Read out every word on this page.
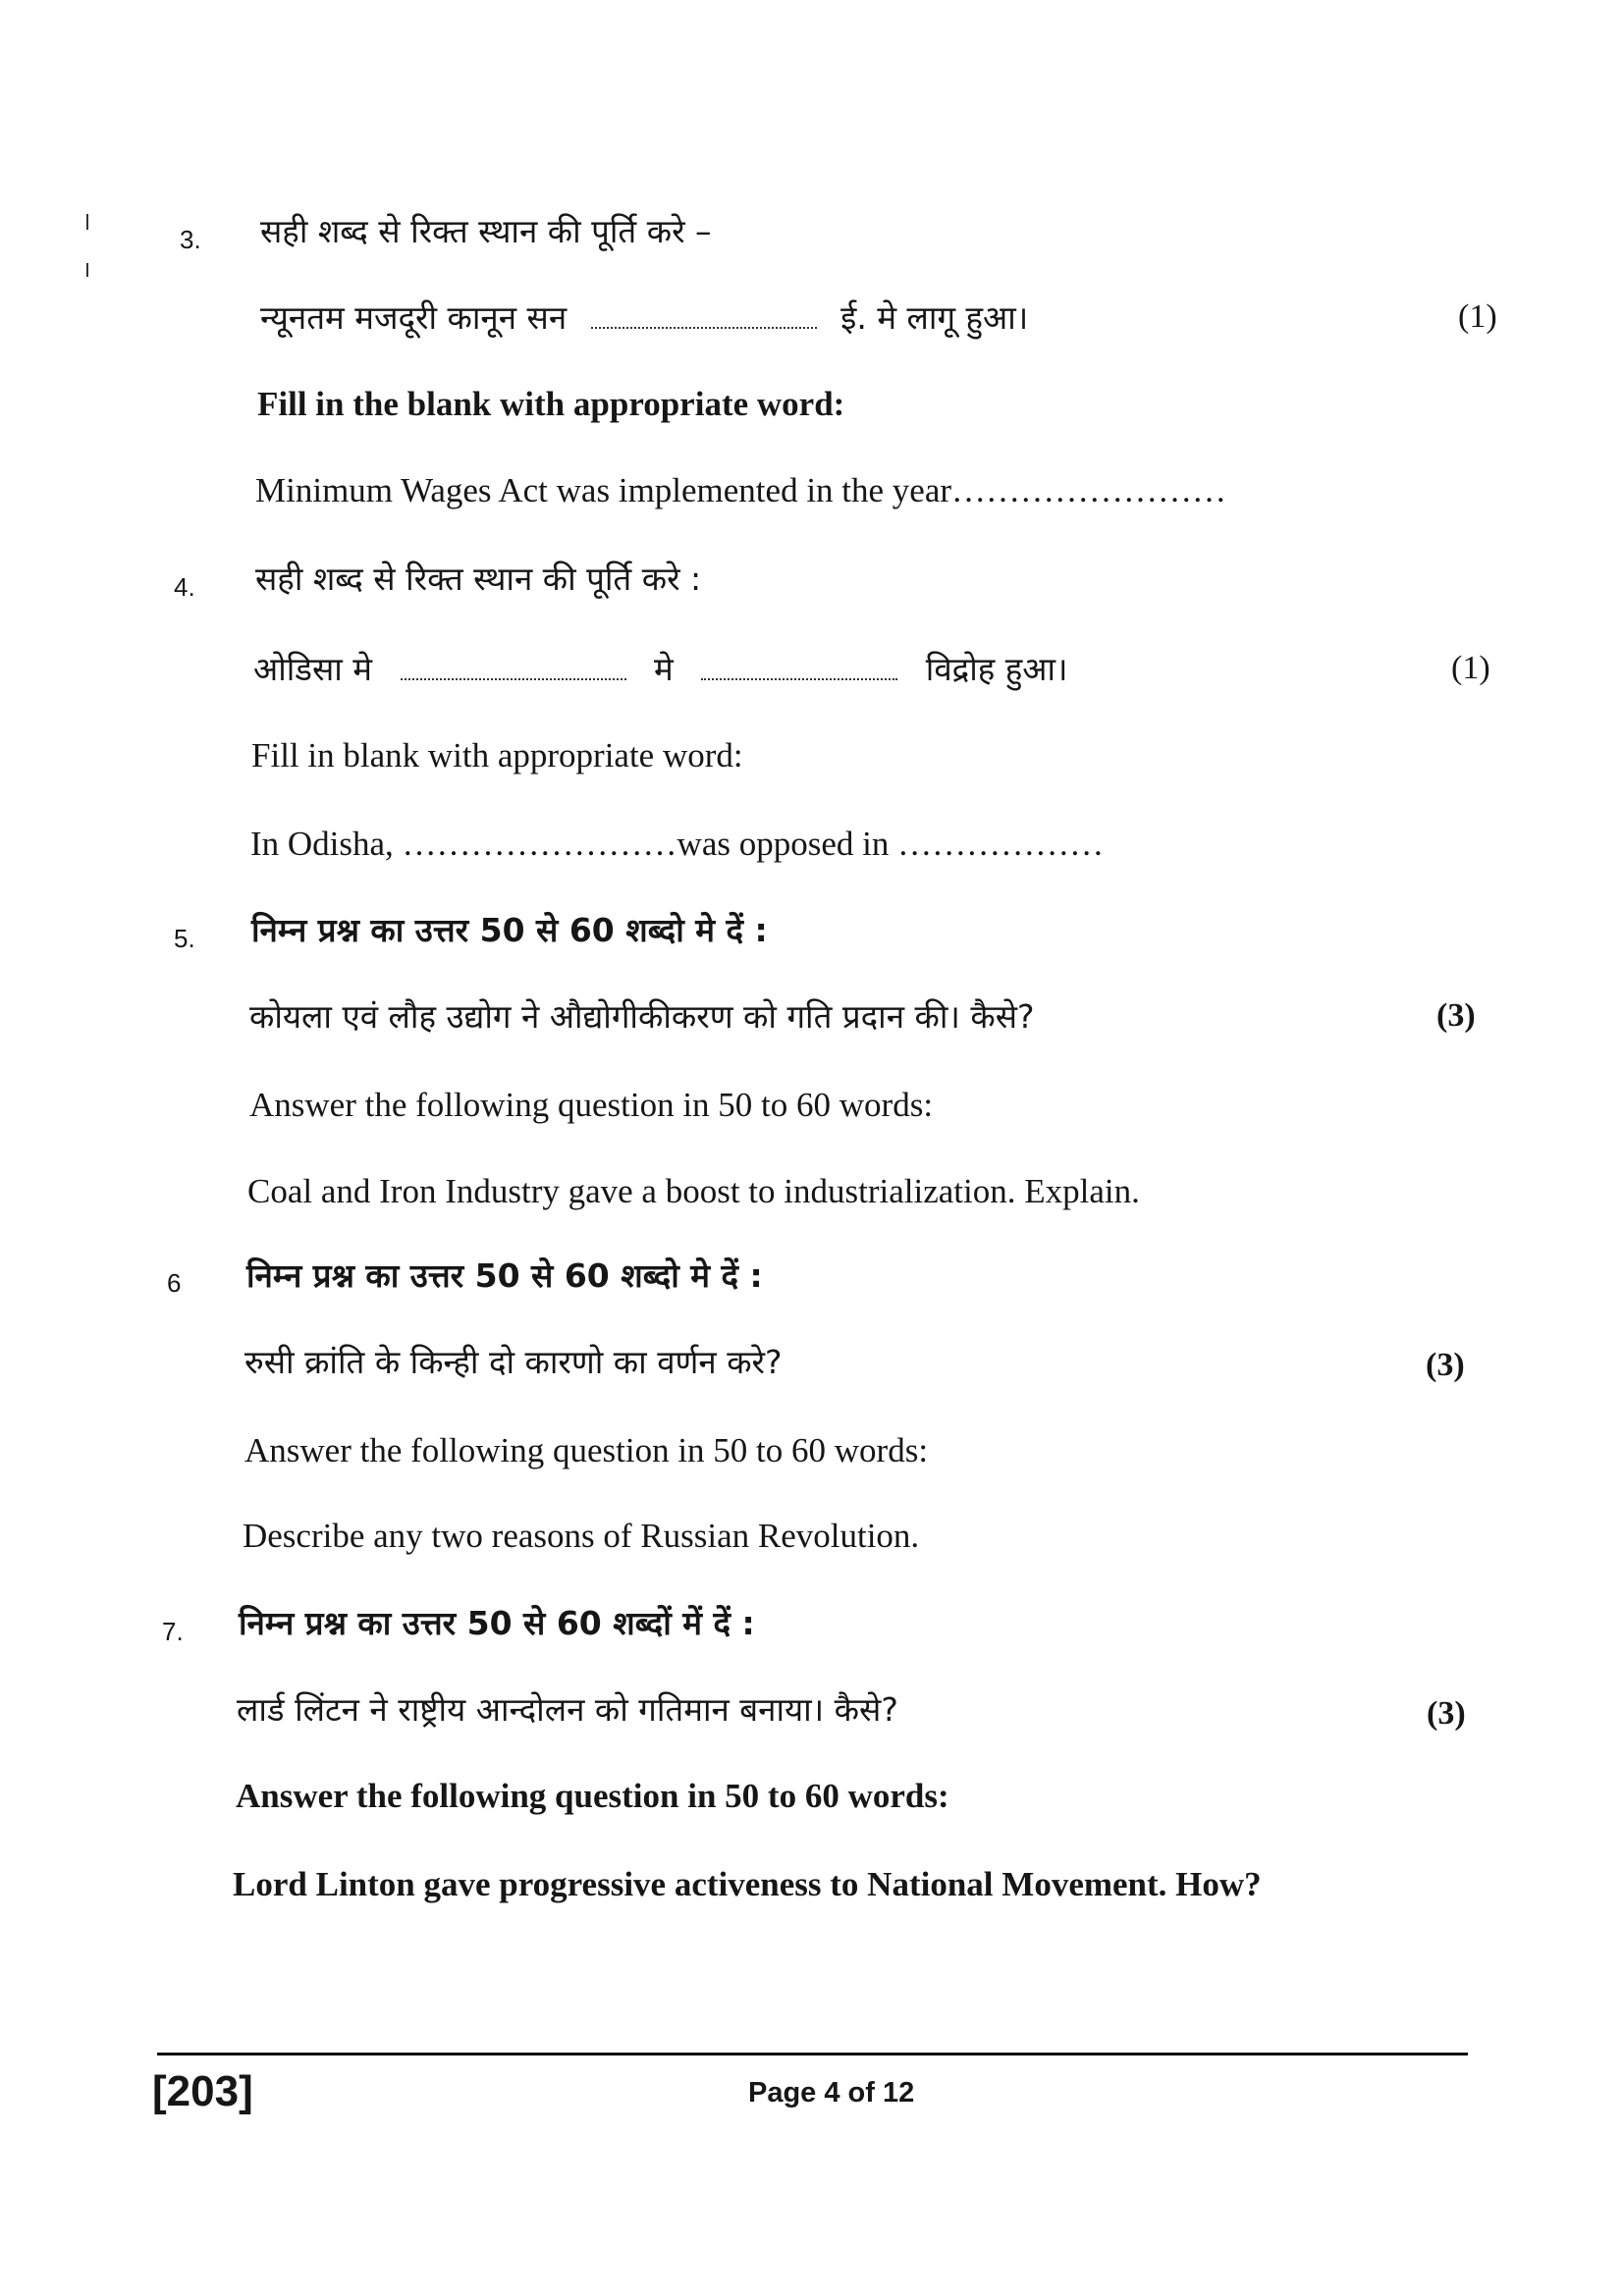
3. सही शब्द से रिक्त स्थान की पूर्ति करे –
न्यूनतम मजदूरी कानून सन	ई. मे लागू हुआ।	(1)
Fill in the blank with appropriate word:
Minimum Wages Act was implemented in the year……………………
4. सही शब्द से रिक्त स्थान की पूर्ति करे :
ओडिसा मे	मे	विद्रोह हुआ।	(1)
Fill in blank with appropriate word:
In Odisha, ……………………was opposed in ………………
5. निम्न प्रश्न का उत्तर 50 से 60 शब्दो मे दें :
कोयला एवं लौह उद्योग ने औद्योगीकीकरण को गति प्रदान की। कैसे?	(3)
Answer the following question in 50 to 60 words:
Coal and Iron Industry gave a boost to industrialization. Explain.
6 निम्न प्रश्न का उत्तर 50 से 60 शब्दो मे दें :
रुसी क्रांति के किन्ही दो कारणो का वर्णन करे?	(3)
Answer the following question in 50 to 60 words:
Describe any two reasons of Russian Revolution.
7. निम्न प्रश्न का उत्तर 50 से 60 शब्दों में दें :
लार्ड लिंटन ने राष्ट्रीय आन्दोलन को गतिमान बनाया। कैसे?	(3)
Answer the following question in 50 to 60 words:
Lord Linton gave progressive activeness to National Movement. How?
[203]	Page 4 of 12
